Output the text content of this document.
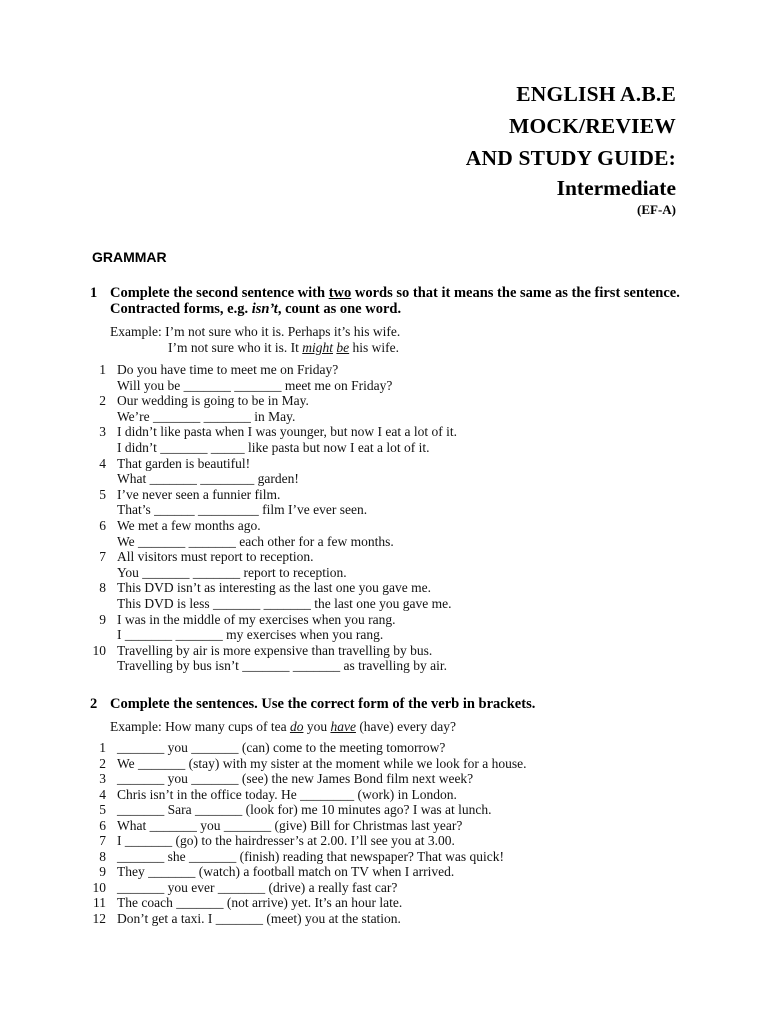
ENGLISH A.B.E
MOCK/REVIEW
AND STUDY GUIDE:
Intermediate
(EF-A)
GRAMMAR
1 Complete the second sentence with two words so that it means the same as the first sentence. Contracted forms, e.g. isn’t, count as one word.
Example: I’m not sure who it is. Perhaps it’s his wife.
I’m not sure who it is. It might be his wife.
1 Do you have time to meet me on Friday?
Will you be _______ _______ meet me on Friday?
2 Our wedding is going to be in May.
We’re _______ _______ in May.
3 I didn’t like pasta when I was younger, but now I eat a lot of it.
I didn’t _______ _____ like pasta but now I eat a lot of it.
4 That garden is beautiful!
What _______ ________ garden!
5 I’ve never seen a funnier film.
That’s ______ _________ film I’ve ever seen.
6 We met a few months ago.
We _______ _______ each other for a few months.
7 All visitors must report to reception.
You _______ _______ report to reception.
8 This DVD isn’t as interesting as the last one you gave me.
This DVD is less _______ _______ the last one you gave me.
9 I was in the middle of my exercises when you rang.
I _______ _______ my exercises when you rang.
10 Travelling by air is more expensive than travelling by bus.
Travelling by bus isn’t _______ _______ as travelling by air.
2 Complete the sentences. Use the correct form of the verb in brackets.
Example: How many cups of tea do you have (have) every day?
1 _______ you _______ (can) come to the meeting tomorrow?
2 We _______ (stay) with my sister at the moment while we look for a house.
3 _______ you _______ (see) the new James Bond film next week?
4 Chris isn’t in the office today. He ________ (work) in London.
5 _______ Sara _______ (look for) me 10 minutes ago? I was at lunch.
6 What _______ you _______ (give) Bill for Christmas last year?
7 I _______ (go) to the hairdresser’s at 2.00. I’ll see you at 3.00.
8 _______ she _______ (finish) reading that newspaper? That was quick!
9 They _______ (watch) a football match on TV when I arrived.
10 _______ you ever _______ (drive) a really fast car?
11 The coach _______ (not arrive) yet. It’s an hour late.
12 Don’t get a taxi. I _______ (meet) you at the station.
